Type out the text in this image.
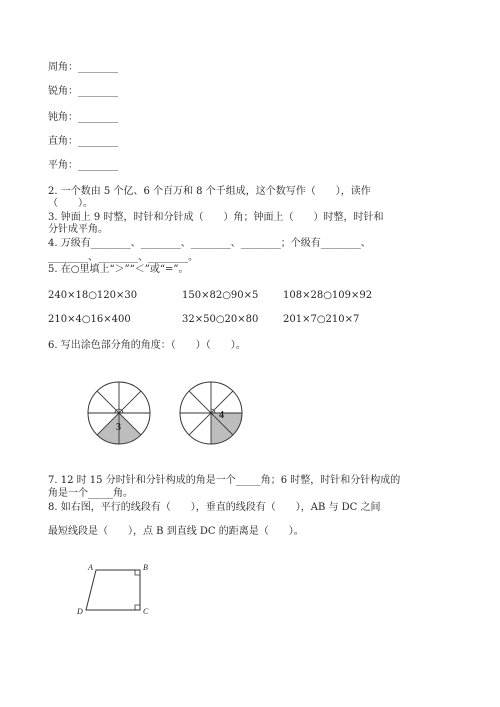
周角：________
锐角：________
钝角：________
直角：________
平角：________
2. 一个数由 5 个亿、6 个百万和 8 个千组成，这个数写作（　　），读作
（　　）。
3. 钟面上 9 时整，时针和分针成（　　）角；钟面上（　　）时整，时针和
分针成平角。
4. 万级有________、________、________、________；个级有________、
________、________、________。
5. 在○里填上“＞”“＜”或“=”。
240×18○120×30	150×82○90×5 108×28○109×92
210×4○16×400	32×50○20×80 201×7○210×7
6. 写出涂色部分角的角度：（　　）（　　）。
3
4
7. 12 时 15 分时针和分针构成的角是一个_____角；6 时整，时针和分针构成的
角是一个_____角。
8. 如右图，平行的线段有（　　），垂直的线段有（　　），AB 与 DC 之间
最短线段是（　　），点 B 到直线 DC 的距离是（　　）。
A	B
C
D
